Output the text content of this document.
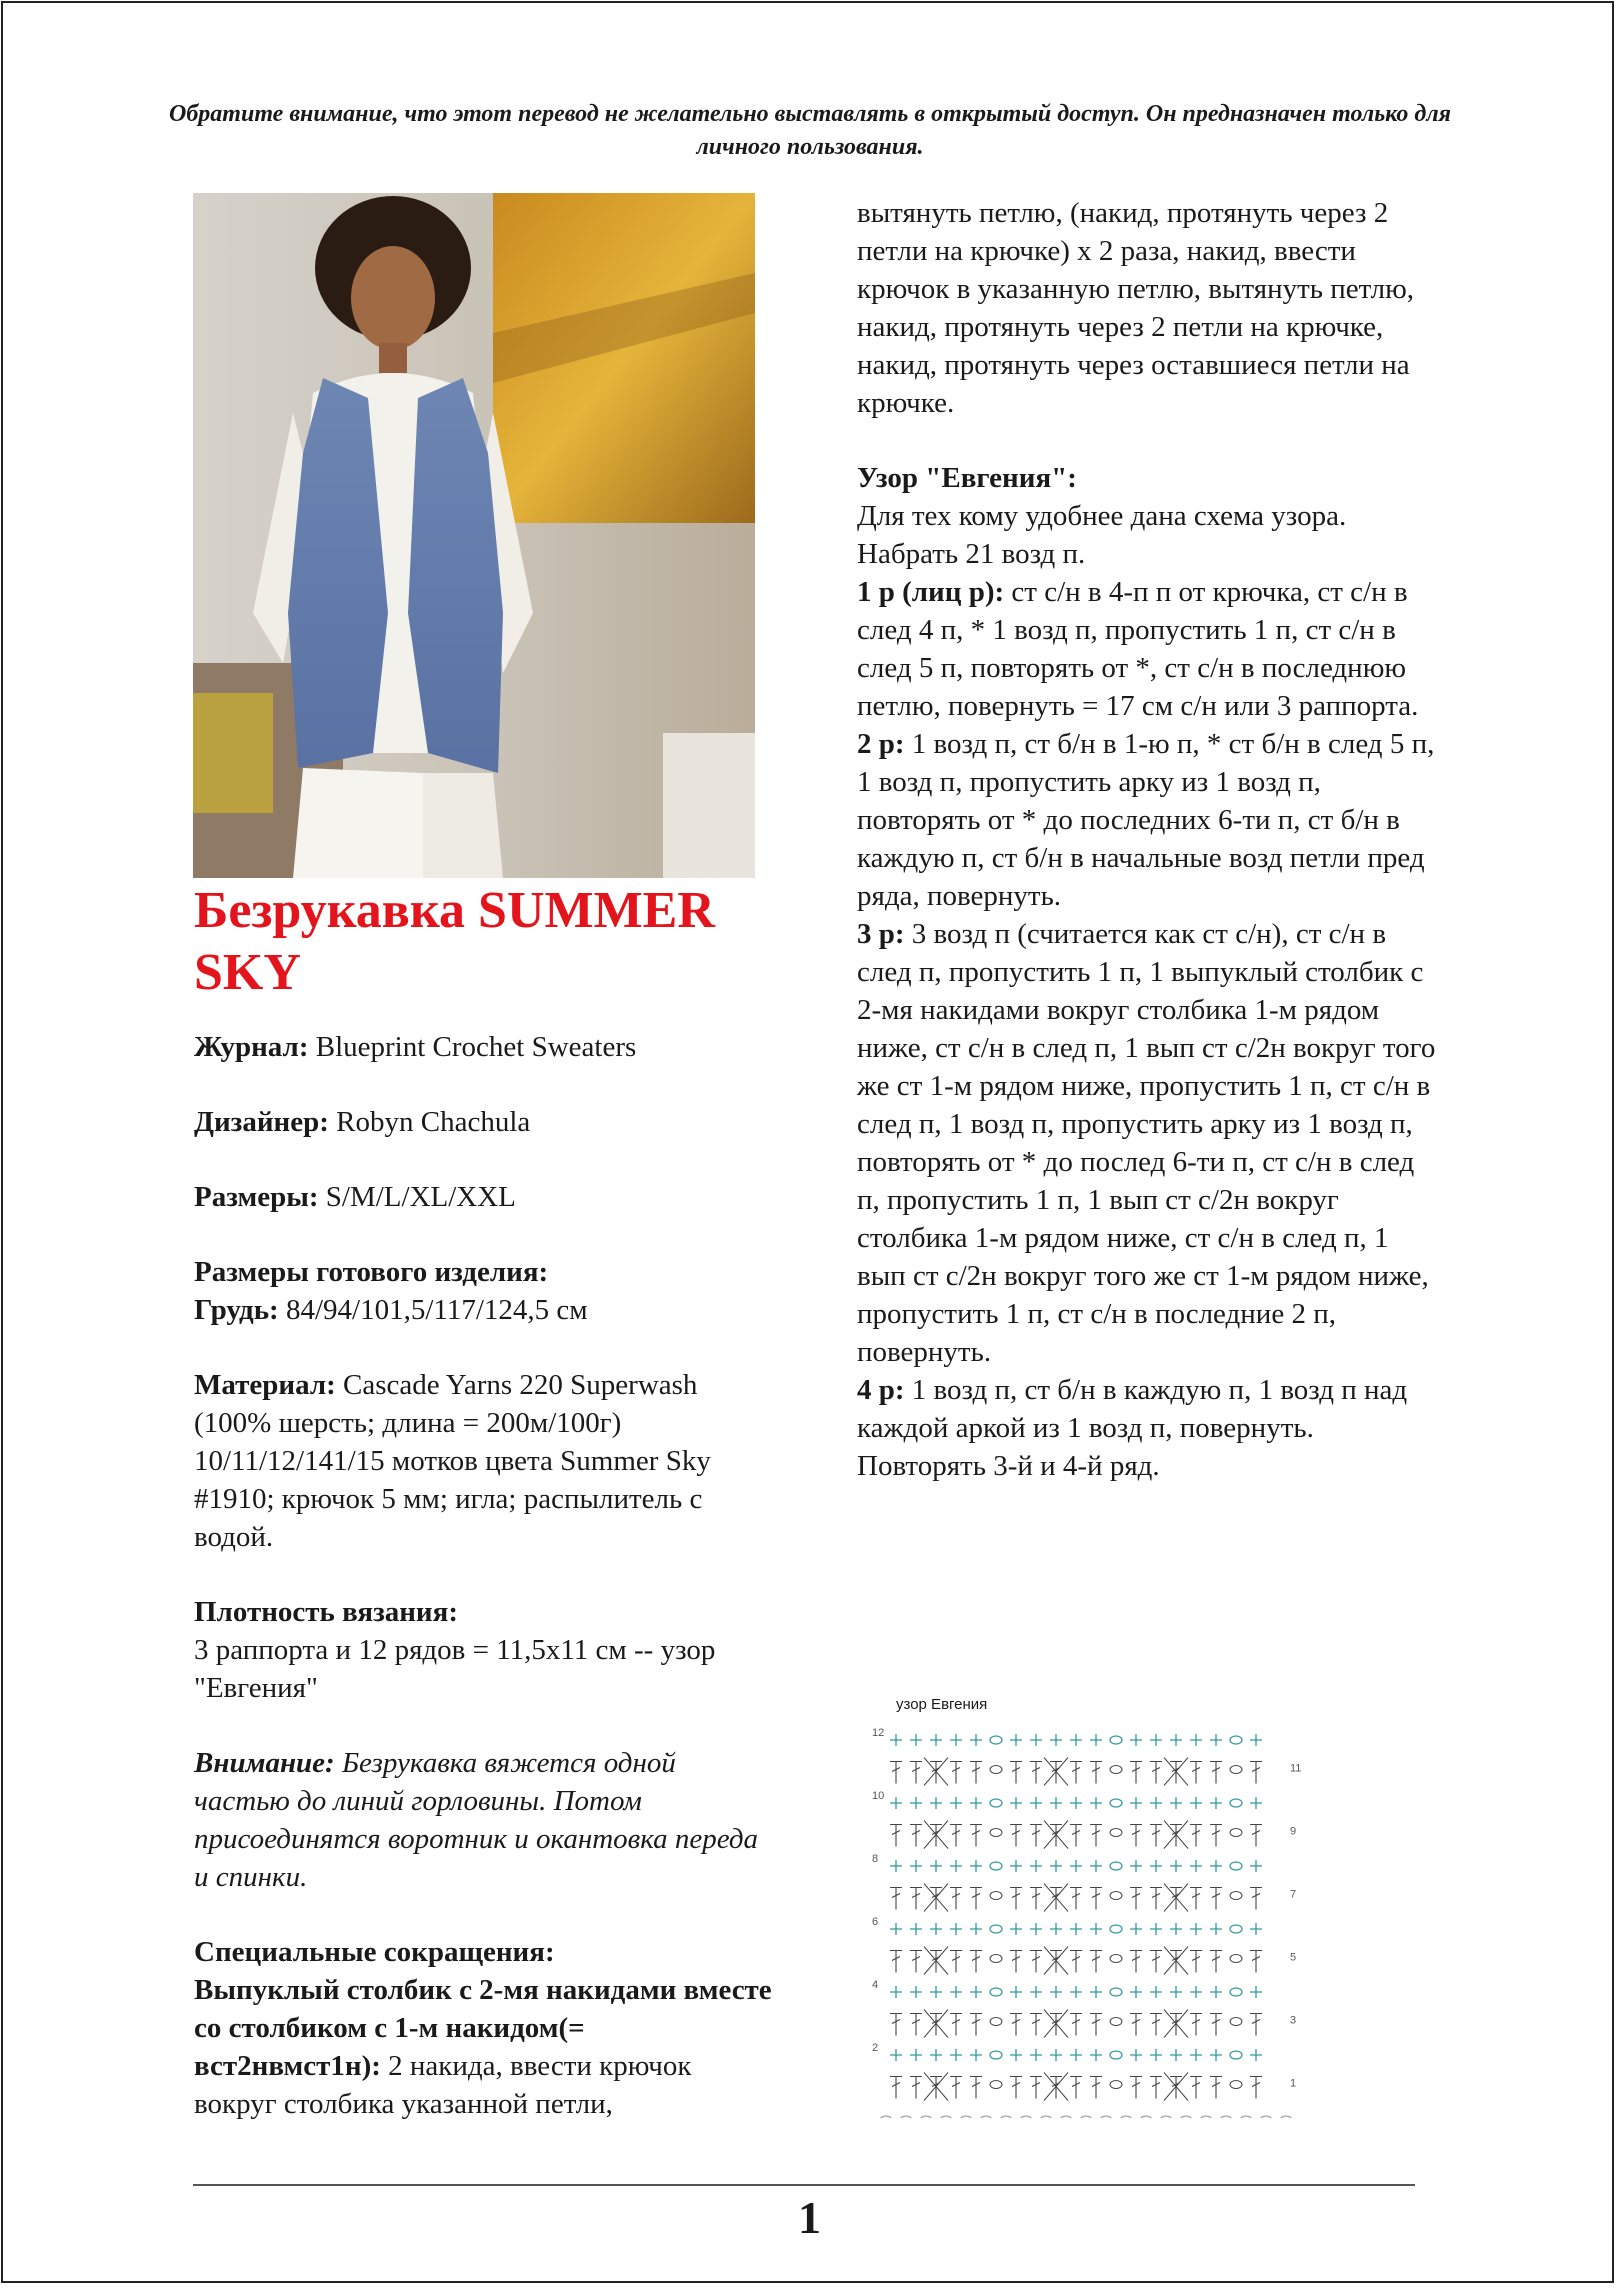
Обратите внимание, что этот перевод не желательно выставлять в открытый доступ. Он предназначен только для личного пользования.
Безрукавка SUMMER SKY

Журнал: Blueprint Crochet Sweaters

Дизайнер: Robyn Chachula

Размеры: S/M/L/XL/XXL

Размеры готового изделия:

Грудь: 84/94/101,5/117/124,5 см

Материал: Cascade Yarns 220 Superwash (100% шерсть; длина = 200м/100г) 10/11/12/141/15 мотков цвета Summer Sky #1910; крючок 5 мм; игла; распылитель с водой.

Плотность вязания:

3 раппорта и 12 рядов = 11,5х11 см -- узор "Евгения"

Внимание: Безрукавка вяжется одной частью до линий горловины. Потом присоединятся воротник и окантовка переда и спинки.

Специальные сокращения:

Выпуклый столбик с 2-мя накидами вместе со столбиком с 1-м накидом(= вст2нвмст1н): 2 накида, ввести крючок вокруг столбика указанной петли,

вытянуть петлю, (накид, протянуть через 2 петли на крючке) х 2 раза, накид, ввести крючок в указанную петлю, вытянуть петлю, накид, протянуть через 2 петли на крючке, накид, протянуть через оставшиеся петли на крючке.

Узор "Евгения":

Для тех кому удобнее дана схема узора.

Набрать 21 возд п.

1 р (лиц р): ст с/н в 4-п п от крючка, ст с/н в след 4 п, * 1 возд п, пропустить 1 п, ст с/н в след 5 п, повторять от *, ст с/н в последнюю петлю, повернуть = 17 см с/н или 3 раппорта.

2 р: 1 возд п, ст б/н в 1-ю п, * ст б/н в след 5 п, 1 возд п, пропустить арку из 1 возд п, повторять от * до последних 6-ти п, ст б/н в каждую п, ст б/н в начальные возд петли пред ряда, повернуть.

3 р: 3 возд п (считается как ст с/н), ст с/н в след п, пропустить 1 п, 1 выпуклый столбик с 2-мя накидами вокруг столбика 1-м рядом ниже, ст с/н в след п, 1 вып ст с/2н вокруг того же ст 1-м рядом ниже, пропустить 1 п, ст с/н в след п, 1 возд п, пропустить арку из 1 возд п, повторять от * до послед 6-ти п, ст с/н в след п, пропустить 1 п, 1 вып ст с/2н вокруг столбика 1-м рядом ниже, ст с/н в след п, 1 вып ст с/2н вокруг того же ст 1-м рядом ниже, пропустить 1 п, ст с/н в последние 2 п, повернуть.

4 р: 1 возд п, ст б/н в каждую п, 1 возд п над каждой аркой из 1 возд п, повернуть.

Повторять 3-й и 4-й ряд.

узор Евгения
12
10
8
6
4
2
11
9
7
5
3
1
1
